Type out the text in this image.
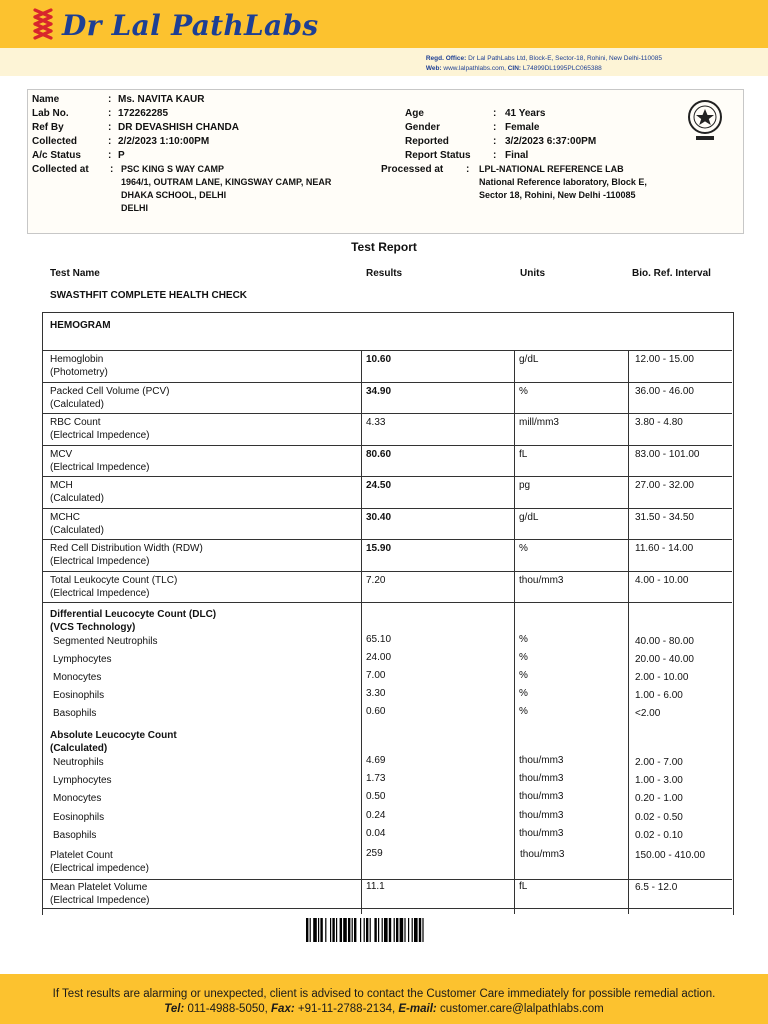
Dr Lal PathLabs
Regd. Office: Dr Lal PathLabs Ltd, Block-E, Sector-18, Rohini, New Delhi-110085
Web: www.lalpathlabs.com, CIN: L74899DL1995PLC065388
Name	: Ms. NAVITA KAUR
Lab No.	: 172262285
Ref By	: DR DEVASHISH CHANDA
Collected	: 2/2/2023 1:10:00PM
A/c Status	: P
Collected at : PSC KING S WAY CAMP
1964/1, OUTRAM LANE, KINGSWAY CAMP, NEAR
DHAKA SCHOOL, DELHI
DELHI
Age	: 41 Years
Gender	: Female
Reported	: 3/2/2023 6:37:00PM
Report Status : Final
Processed at : LPL-NATIONAL REFERENCE LAB
National Reference laboratory, Block E,
Sector 18, Rohini, New Delhi -110085
Test Report
Test Name	Results	Units	Bio. Ref. Interval
SWASTHFIT COMPLETE HEALTH CHECK
HEMOGRAM
Hemoglobin
(Photometry)
10.60	g/dL	12.00 - 15.00
Packed Cell Volume (PCV)
(Calculated)
34.90	%	36.00 - 46.00
RBC Count
(Electrical Impedence)
4.33	mill/mm3	3.80 - 4.80
MCV
(Electrical Impedence)
80.60	fL	83.00 - 101.00
MCH
(Calculated)
24.50	pg	27.00 - 32.00
MCHC
(Calculated)
30.40	g/dL	31.50 - 34.50
Red Cell Distribution Width (RDW)
(Electrical Impedence)
15.90	%	11.60 - 14.00
Total Leukocyte Count (TLC)
(Electrical Impedence)
7.20	thou/mm3	4.00 - 10.00
Differential Leucocyte Count (DLC)
(VCS Technology)
Segmented Neutrophils	65.10	%	40.00 - 80.00
Lymphocytes	24.00	%	20.00 - 40.00
Monocytes	7.00	%	2.00 - 10.00
Eosinophils	3.30	%	1.00 - 6.00
Basophils	0.60	%	<2.00
Absolute Leucocyte Count
(Calculated)
Neutrophils	4.69	thou/mm3	2.00 - 7.00
Lymphocytes	1.73	thou/mm3	1.00 - 3.00
Monocytes	0.50	thou/mm3	0.20 - 1.00
Eosinophils	0.24	thou/mm3	0.02 - 0.50
Basophils	0.04	thou/mm3	0.02 - 0.10
Platelet Count
(Electrical impedence)
259	thou/mm3	150.00 - 410.00
Mean Platelet Volume
(Electrical Impedence)
11.1	fL	6.5 - 12.0
If Test results are alarming or unexpected, client is advised to contact the Customer Care immediately for possible remedial action.
Tel: 011-4988-5050, Fax: +91-11-2788-2134, E-mail: customer.care@lalpathlabs.com
